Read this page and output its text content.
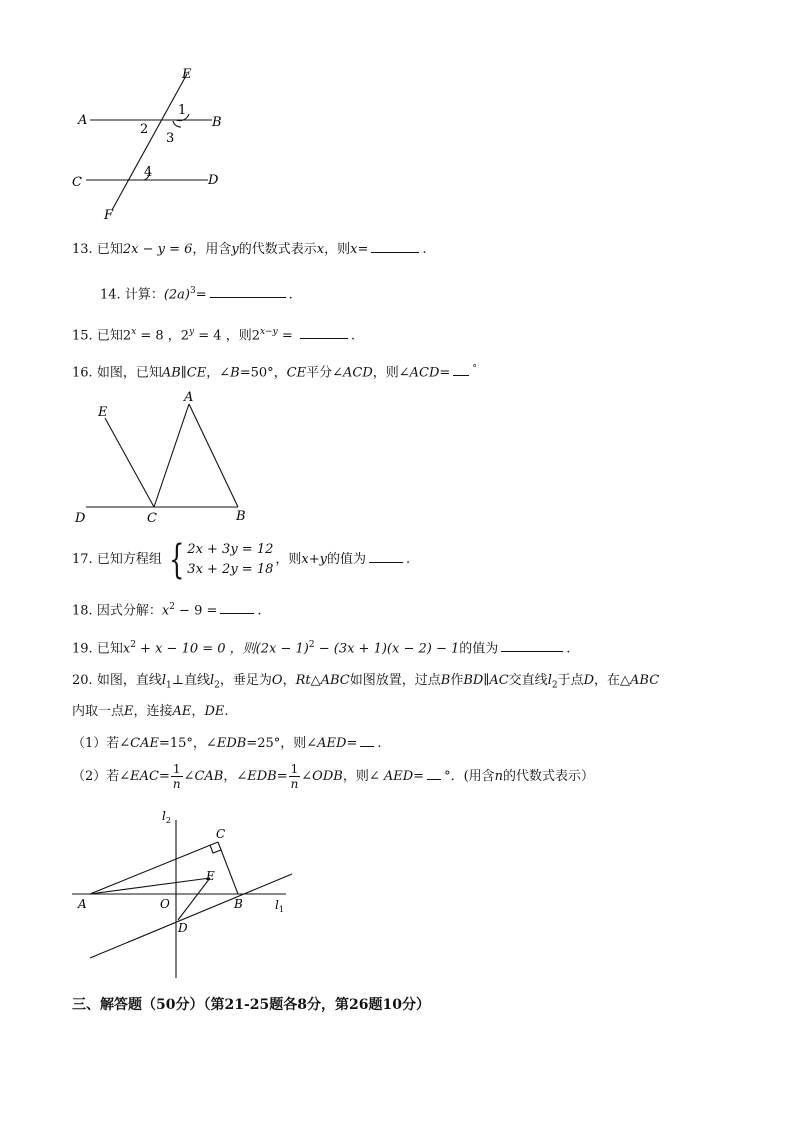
E
A	B
C	D
F
1
2
3
4
13. 已知2x − y = 6，用含y的代数式表示x，则x=	.
14. 计算：$(2a)^3=$	.
15. 已知$2^x = 8$ ，$2^y = 4$ ，则$2^{x-y}$ =	.
16. 如图，已知AB∥CE，∠B=50°，CE平分∠ACD，则∠ACD= °
E
A
D	C	B
17. 已知方程组 { 2x + 3y = 12
3x + 2y = 18
，则x+y的值为	.
18. 因式分解：$x^2 - 9$ =	.
19. 已知$x^2 + x - 10 = 0$ ，则$(2x - 1)^2 - (3x + 1)(x - 2) - 1$的值为	.
20. 如图，直线$l_1\perp$直线$l_2$，垂足为O，Rt△ABC如图放置，过点B作BD∥AC交直线$l_2$于点D，在△ABC
内取一点E，连接AE，DE.
（1）若∠CAE=15°，∠EDB=25°，则∠AED= .
（2）若∠EAC= $\frac{1}{n}$ ∠CAB，∠EDB= $\frac{1}{n}$ ∠ODB，则∠ AED= °．(用含n的代数式表示）
$l_2$
C
E
A	O	B	$l_1$
D
三、解答题（50分）（第21-25题各8分，第26题10分）
